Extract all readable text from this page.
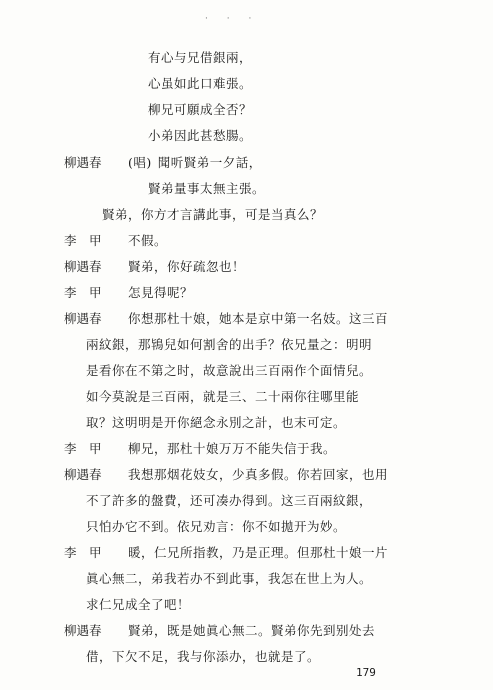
· · ·
有心与兄借銀兩，
心虽如此口难張。
柳兄可願成全否？
小弟因此甚愁腸。
柳遇春 (唱) 聞听賢弟一夕話，
賢弟量事太無主張。
賢弟，你方才言講此事，可是当真么？
李　甲 不假。
柳遇春 賢弟，你好疏忽也！
李　甲 怎見得呢？
柳遇春 你想那杜十娘，她本是京中第一名妓。这三百
兩紋銀，那鴇兒如何割舍的出手？依兄量之：明明
是看你在不第之时，故意說出三百兩作个面情兒。
如今莫說是三百兩，就是三、二十兩你往哪里能
取？这明明是开你絕念永別之計，也末可定。
李　甲 柳兄，那杜十娘万万不能失信于我。
柳遇春 我想那烟花妓女，少真多假。你若回家，也用
不了許多的盤費，还可凑办得到。这三百兩紋銀，
只怕办它不到。依兄劝言：你不如拋开为妙。
李　甲 暖，仁兄所指教，乃是正理。但那杜十娘一片
眞心無二，弟我若办不到此事，我怎在世上为人。
求仁兄成全了吧！
柳遇春 賢弟，既是她眞心無二。賢弟你先到别处去
借，下欠不足，我与你添办，也就是了。
179
